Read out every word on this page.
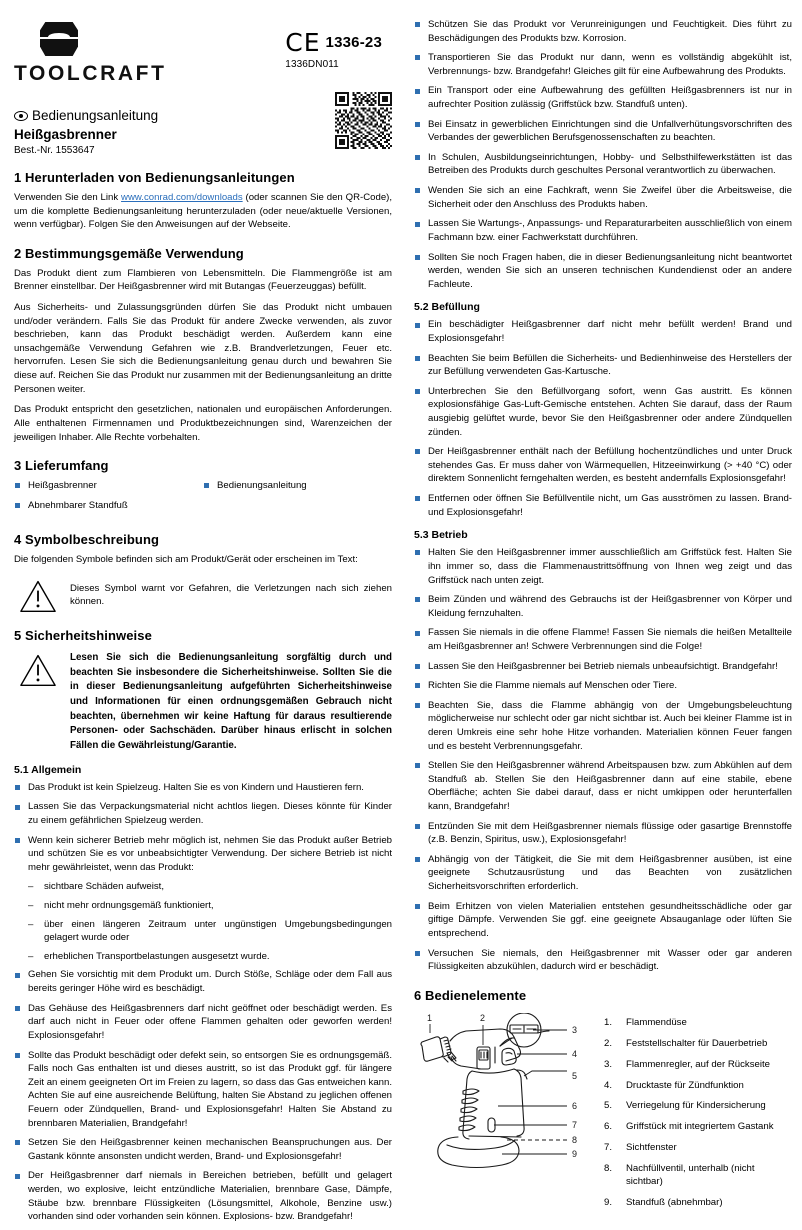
TOOLCRAFT
CE 1336-23
1336DN011
Bedienungsanleitung
Heißgasbrenner
Best.-Nr. 1553647
1 Herunterladen von Bedienungsanleitungen

Verwenden Sie den Link www.conrad.com/downloads (oder scannen Sie den QR-Code), um die komplette Bedienungsanleitung herunterzuladen (oder neue/aktuelle Versionen, wenn verfügbar). Folgen Sie den Anweisungen auf der Webseite.

2 Bestimmungsgemäße Verwendung

Das Produkt dient zum Flambieren von Lebensmitteln. Die Flammengröße ist am Brenner einstellbar. Der Heißgasbrenner wird mit Butangas (Feuerzeuggas) befüllt.

Aus Sicherheits- und Zulassungsgründen dürfen Sie das Produkt nicht umbauen und/oder verändern. Falls Sie das Produkt für andere Zwecke verwenden, als zuvor beschrieben, kann das Produkt beschädigt werden. Außerdem kann eine unsachgemäße Verwendung Gefahren wie z.B. Brandverletzungen, Feuer etc. hervorrufen. Lesen Sie sich die Bedienungsanleitung genau durch und bewahren Sie diese auf. Reichen Sie das Produkt nur zusammen mit der Bedienungsanleitung an dritte Personen weiter.

Das Produkt entspricht den gesetzlichen, nationalen und europäischen Anforderungen. Alle enthaltenen Firmennamen und Produktbezeichnungen sind, Warenzeichen der jeweiligen Inhaber. Alle Rechte vorbehalten.

3 Lieferumfang
Heißgasbrenner	Bedienungsanleitung
Abnehmbarer Standfuß
4 Symbolbeschreibung

Die folgenden Symbole befinden sich am Produkt/Gerät oder erscheinen im Text:

Dieses Symbol warnt vor Gefahren, die Verletzungen nach sich ziehen können.
5 Sicherheitshinweise
Lesen Sie sich die Bedienungsanleitung sorgfältig durch und beachten Sie insbesondere die Sicherheitshinweise. Sollten Sie die in dieser Bedienungsanleitung aufgeführten Sicherheitshinweise und Informationen für einen ordnungsgemäßen Gebrauch nicht beachten, übernehmen wir keine Haftung für daraus resultierende Personen- oder Sachschäden. Darüber hinaus erlischt in solchen Fällen die Gewährleistung/Garantie.
5.1 Allgemein
Das Produkt ist kein Spielzeug. Halten Sie es von Kindern und Haustieren fern.
Lassen Sie das Verpackungsmaterial nicht achtlos liegen. Dieses könnte für Kinder zu einem gefährlichen Spielzeug werden.
Wenn kein sicherer Betrieb mehr möglich ist, nehmen Sie das Produkt außer Betrieb und schützen Sie es vor unbeabsichtigter Verwendung. Der sichere Betrieb ist nicht mehr gewährleistet, wenn das Produkt:
– sichtbare Schäden aufweist,
– nicht mehr ordnungsgemäß funktioniert,
– über einen längeren Zeitraum unter ungünstigen Umgebungsbedingungen gelagert wurde oder
– erheblichen Transportbelastungen ausgesetzt wurde.
Gehen Sie vorsichtig mit dem Produkt um. Durch Stöße, Schläge oder dem Fall aus bereits geringer Höhe wird es beschädigt.
Das Gehäuse des Heißgasbrenners darf nicht geöffnet oder beschädigt werden. Es darf auch nicht in Feuer oder offene Flammen gehalten oder geworfen werden! Explosionsgefahr!
Sollte das Produkt beschädigt oder defekt sein, so entsorgen Sie es ordnungsgemäß. Falls noch Gas enthalten ist und dieses austritt, so ist das Produkt ggf. für längere Zeit an einem geeigneten Ort im Freien zu lagern, so dass das Gas entweichen kann. Achten Sie auf eine ausreichende Belüftung, halten Sie Abstand zu jeglichen offenen Feuern oder Zündquellen, Brand- und Explosionsgefahr! Halten Sie Abstand zu brennbaren Materialien, Brandgefahr!
Setzen Sie den Heißgasbrenner keinen mechanischen Beanspruchungen aus. Der Gastank könnte ansonsten undicht werden, Brand- und Explosionsgefahr!
Der Heißgasbrenner darf niemals in Bereichen betrieben, befüllt und gelagert werden, wo explosive, leicht entzündliche Materialien, brennbare Gase, Dämpfe, Stäube bzw. brennbare Flüssigkeiten (Lösungsmittel, Alkohole, Benzine usw.) vorhanden sind oder vorhanden sein können. Explosions- bzw. Brandgefahr!
Schützen Sie das Produkt vor Verunreinigungen und Feuchtigkeit. Dies führt zu Beschädigungen des Produkts bzw. Korrosion.
Transportieren Sie das Produkt nur dann, wenn es vollständig abgekühlt ist, Verbrennungs- bzw. Brandgefahr! Gleiches gilt für eine Aufbewahrung des Produkts.
Ein Transport oder eine Aufbewahrung des gefüllten Heißgasbrenners ist nur in aufrechter Position zulässig (Griffstück bzw. Standfuß unten).
Bei Einsatz in gewerblichen Einrichtungen sind die Unfallverhütungsvorschriften des Verbandes der gewerblichen Berufsgenossenschaften zu beachten.
In Schulen, Ausbildungseinrichtungen, Hobby- und Selbsthilfewerkstätten ist das Betreiben des Produkts durch geschultes Personal verantwortlich zu überwachen.
Wenden Sie sich an eine Fachkraft, wenn Sie Zweifel über die Arbeitsweise, die Sicherheit oder den Anschluss des Produkts haben.
Lassen Sie Wartungs-, Anpassungs- und Reparaturarbeiten ausschließlich von einem Fachmann bzw. einer Fachwerkstatt durchführen.
Sollten Sie noch Fragen haben, die in dieser Bedienungsanleitung nicht beantwortet werden, wenden Sie sich an unseren technischen Kundendienst oder an andere Fachleute.
5.2 Befüllung
Ein beschädigter Heißgasbrenner darf nicht mehr befüllt werden! Brand und Explosionsgefahr!
Beachten Sie beim Befüllen die Sicherheits- und Bedienhinweise des Herstellers der zur Befüllung verwendeten Gas-Kartusche.
Unterbrechen Sie den Befüllvorgang sofort, wenn Gas austritt. Es können explosionsfähige Gas-Luft-Gemische entstehen. Achten Sie darauf, dass der Raum ausgiebig gelüftet wurde, bevor Sie den Heißgasbrenner oder andere Zündquellen zünden.
Der Heißgasbrenner enthält nach der Befüllung hochentzündliches und unter Druck stehendes Gas. Er muss daher von Wärmequellen, Hitzeeinwirkung (> +40 °C) oder direktem Sonnenlicht ferngehalten werden, es besteht andernfalls Explosionsgefahr!
Entfernen oder öffnen Sie Befüllventile nicht, um Gas ausströmen zu lassen. Brand- und Explosionsgefahr!
5.3 Betrieb
Halten Sie den Heißgasbrenner immer ausschließlich am Griffstück fest. Halten Sie ihn immer so, dass die Flammenaustrittsöffnung von Ihnen weg zeigt und das Griffstück nach unten zeigt.
Beim Zünden und während des Gebrauchs ist der Heißgasbrenner von Körper und Kleidung fernzuhalten.
Fassen Sie niemals in die offene Flamme! Fassen Sie niemals die heißen Metallteile am Heißgasbrenner an! Schwere Verbrennungen sind die Folge!
Lassen Sie den Heißgasbrenner bei Betrieb niemals unbeaufsichtigt. Brandgefahr!
Richten Sie die Flamme niemals auf Menschen oder Tiere.
Beachten Sie, dass die Flamme abhängig von der Umgebungsbeleuchtung möglicherweise nur schlecht oder gar nicht sichtbar ist. Auch bei kleiner Flamme ist in deren Umkreis eine sehr hohe Hitze vorhanden. Materialien können Feuer fangen und es besteht Verbrennungsgefahr.
Stellen Sie den Heißgasbrenner während Arbeitspausen bzw. zum Abkühlen auf dem Standfuß ab. Stellen Sie den Heißgasbrenner dann auf eine stabile, ebene Oberfläche; achten Sie dabei darauf, dass er nicht umkippen oder herunterfallen kann, Brandgefahr!
Entzünden Sie mit dem Heißgasbrenner niemals flüssige oder gasartige Brennstoffe (z.B. Benzin, Spiritus, usw.), Explosionsgefahr!
Abhängig von der Tätigkeit, die Sie mit dem Heißgasbrenner ausüben, ist eine geeignete Schutzausrüstung und das Beachten von zusätzlichen Sicherheitsvorschriften erforderlich.
Beim Erhitzen von vielen Materialien entstehen gesundheitsschädliche oder gar giftige Dämpfe. Verwenden Sie ggf. eine geeignete Absauganlage oder lüften Sie entsprechend.
Versuchen Sie niemals, den Heißgasbrenner mit Wasser oder gar anderen Flüssigkeiten abzukühlen, dadurch wird er beschädigt.
6 Bedienelemente
1	2
3
4
5
6
7
8
9
Flammendüse
Feststellschalter für Dauerbetrieb
Flammenregler, auf der Rückseite
Drucktaste für Zündfunktion
Verriegelung für Kindersicherung
Griffstück mit integriertem Gastank
Sichtfenster
Nachfüllventil, unterhalb (nicht sichtbar)
Standfuß (abnehmbar)
